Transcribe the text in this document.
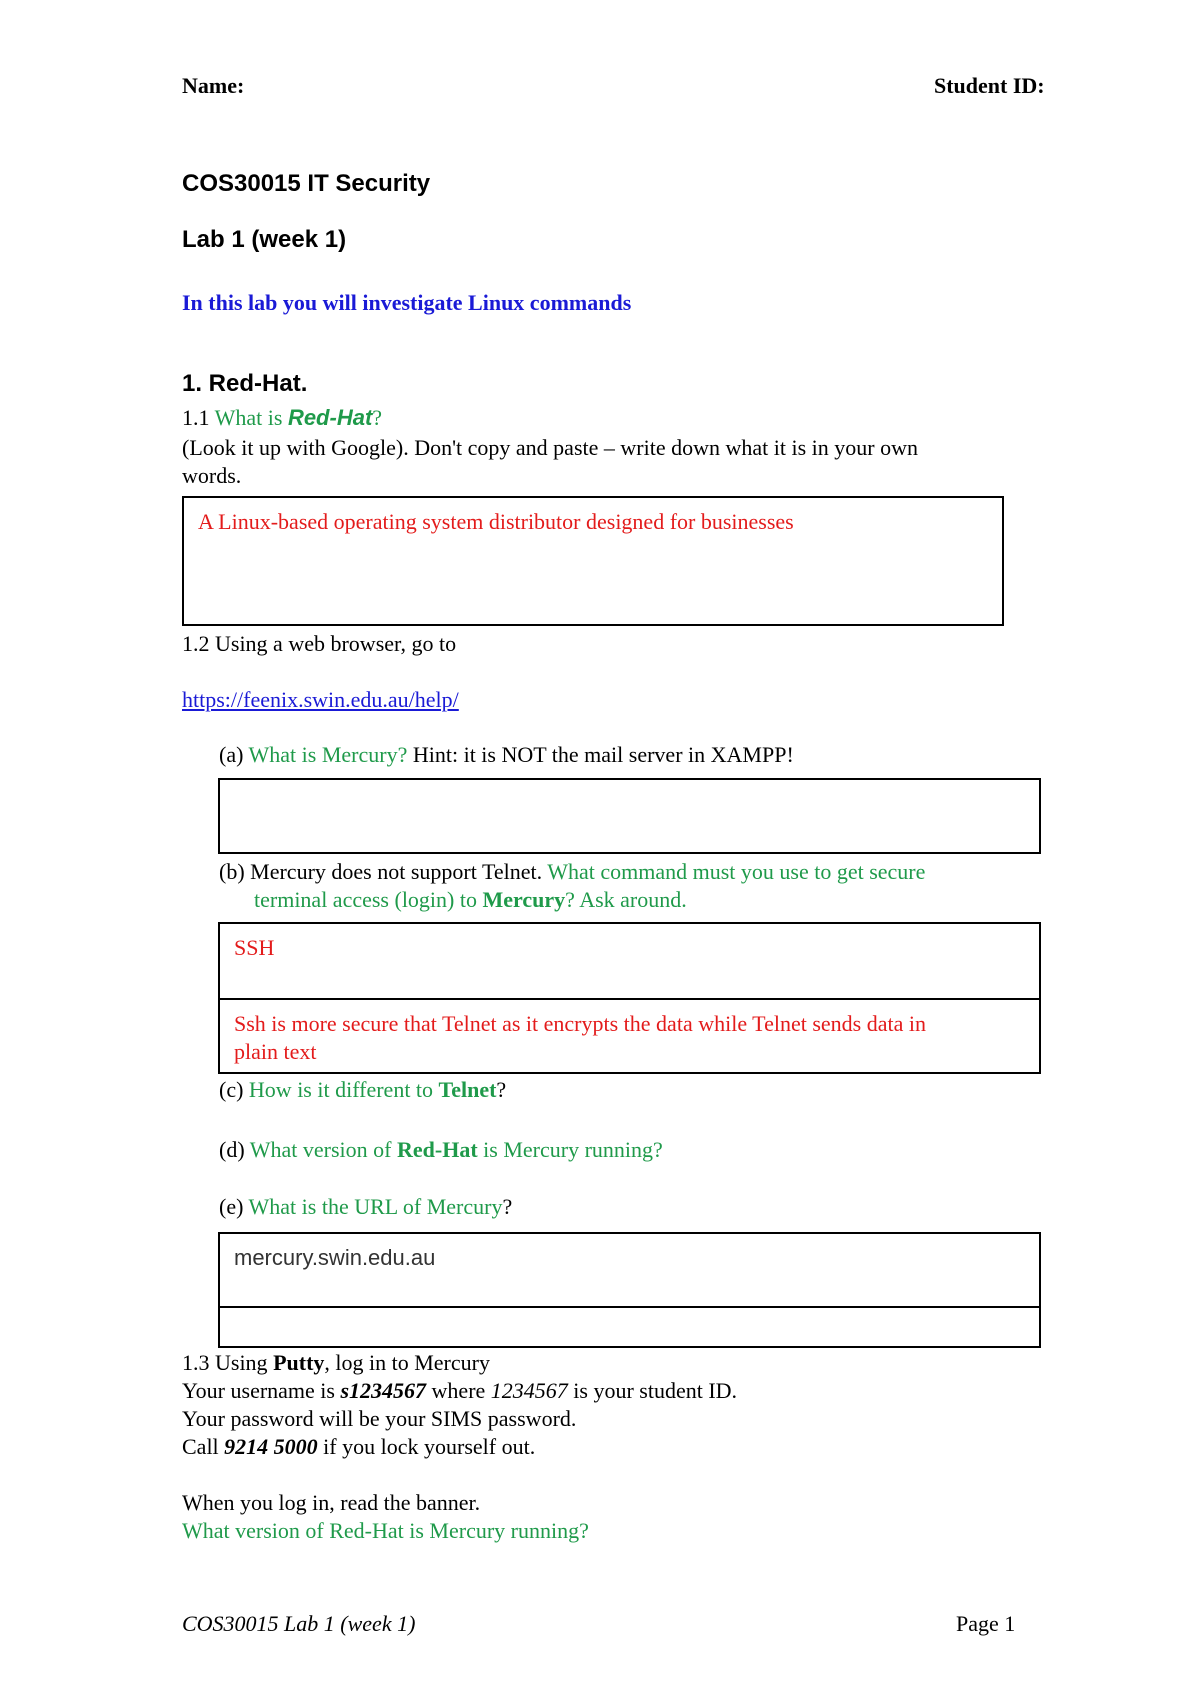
Name:	Student ID:
COS30015 IT Security
Lab 1 (week 1)
In this lab you will investigate Linux commands
1. Red-Hat.
1.1 What is Red-Hat?
(Look it up with Google). Don't copy and paste – write down what it is in your own
words.
A Linux-based operating system distributor designed for businesses
1.2 Using a web browser, go to
https://feenix.swin.edu.au/help/
(a) What is Mercury? Hint: it is NOT the mail server in XAMPP!
(b) Mercury does not support Telnet. What command must you use to get secure
terminal access (login) to Mercury? Ask around.
SSH
Ssh is more secure that Telnet as it encrypts the data while Telnet sends data in
plain text
(c) How is it different to Telnet?
(d) What version of Red-Hat is Mercury running?
(e) What is the URL of Mercury?
mercury.swin.edu.au
1.3 Using Putty, log in to Mercury
Your username is s1234567 where 1234567 is your student ID.
Your password will be your SIMS password.
Call 9214 5000 if you lock yourself out.
When you log in, read the banner.
What version of Red-Hat is Mercury running?
COS30015 Lab 1 (week 1)	Page 1
